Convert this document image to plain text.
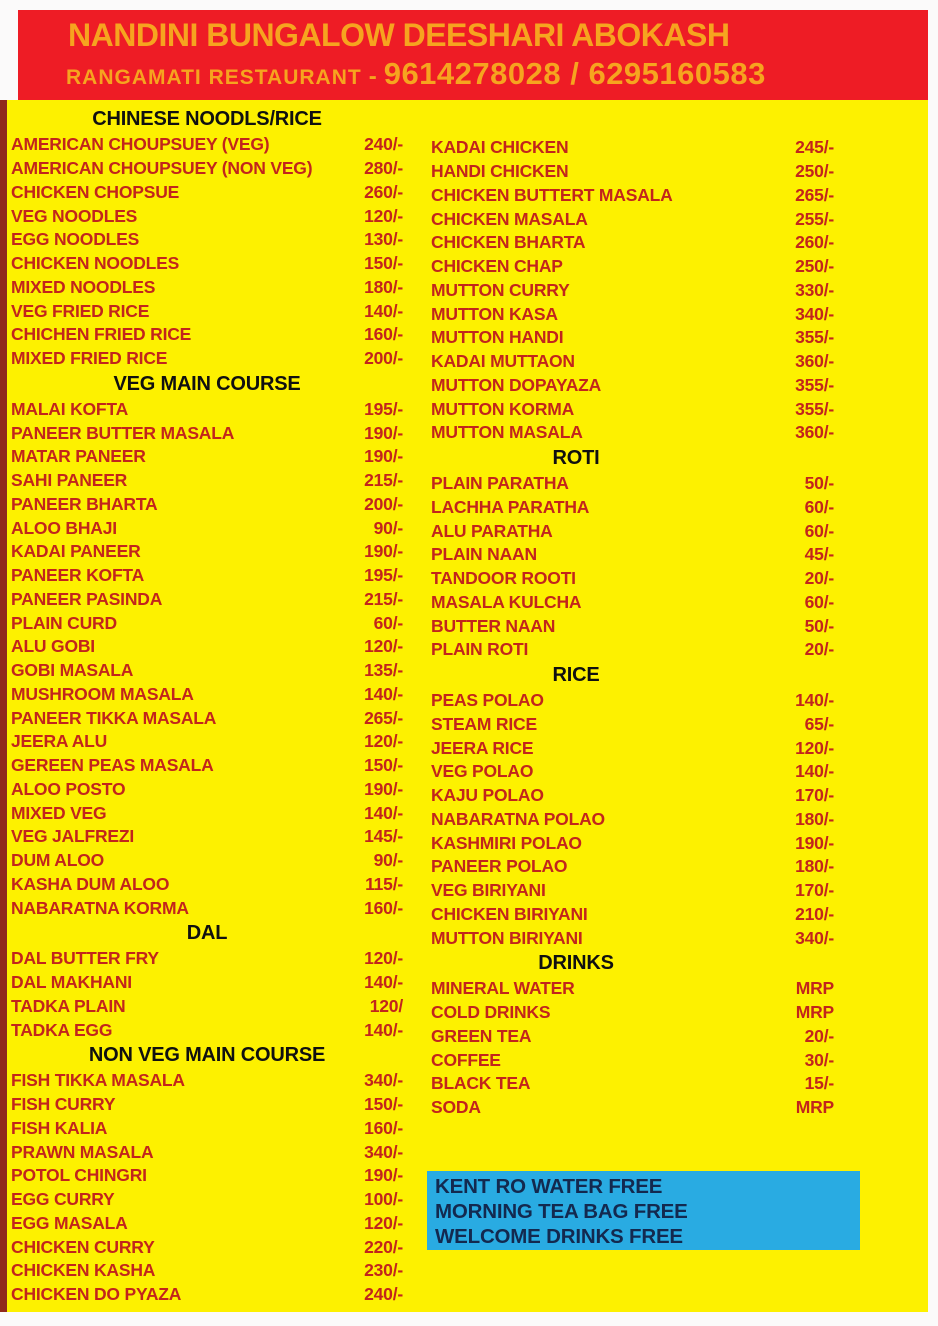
NANDINI BUNGALOW DEESHARI ABOKASH
RANGAMATI RESTAURANT - 9614278028 / 6295160583
CHINESE NOODLS/RICE
AMERICAN CHOUPSUEY (VEG)	240/-
AMERICAN CHOUPSUEY (NON VEG)	280/-
CHICKEN CHOPSUE	260/-
VEG NOODLES	120/-
EGG NOODLES	130/-
CHICKEN NOODLES	150/-
MIXED NOODLES	180/-
VEG FRIED RICE	140/-
CHICHEN FRIED RICE	160/-
MIXED FRIED RICE	200/-
VEG MAIN COURSE
MALAI KOFTA	195/-
PANEER BUTTER MASALA	190/-
MATAR PANEER	190/-
SAHI PANEER	215/-
PANEER BHARTA	200/-
ALOO BHAJI	90/-
KADAI PANEER	190/-
PANEER KOFTA	195/-
PANEER PASINDA	215/-
PLAIN CURD	60/-
ALU GOBI	120/-
GOBI MASALA	135/-
MUSHROOM MASALA	140/-
PANEER TIKKA MASALA	265/-
JEERA ALU	120/-
GEREEN PEAS MASALA	150/-
ALOO POSTO	190/-
MIXED VEG	140/-
VEG JALFREZI	145/-
DUM ALOO	90/-
KASHA DUM ALOO	115/-
NABARATNA KORMA	160/-
DAL
DAL BUTTER FRY	120/-
DAL MAKHANI	140/-
TADKA PLAIN	120/
TADKA EGG	140/-
NON VEG MAIN COURSE
FISH TIKKA MASALA	340/-
FISH CURRY	150/-
FISH KALIA	160/-
PRAWN MASALA	340/-
POTOL CHINGRI	190/-
EGG CURRY	100/-
EGG MASALA	120/-
CHICKEN CURRY	220/-
CHICKEN KASHA	230/-
CHICKEN DO PYAZA	240/-
KADAI CHICKEN	245/-
HANDI CHICKEN	250/-
CHICKEN BUTTERT MASALA	265/-
CHICKEN MASALA	255/-
CHICKEN BHARTA	260/-
CHICKEN CHAP	250/-
MUTTON CURRY	330/-
MUTTON KASA	340/-
MUTTON HANDI	355/-
KADAI MUTTAON	360/-
MUTTON DOPAYAZA	355/-
MUTTON KORMA	355/-
MUTTON MASALA	360/-
ROTI
PLAIN PARATHA	50/-
LACHHA PARATHA	60/-
ALU PARATHA	60/-
PLAIN NAAN	45/-
TANDOOR ROOTI	20/-
MASALA KULCHA	60/-
BUTTER NAAN	50/-
PLAIN ROTI	20/-
RICE
PEAS POLAO	140/-
STEAM RICE	65/-
JEERA RICE	120/-
VEG POLAO	140/-
KAJU POLAO	170/-
NABARATNA POLAO	180/-
KASHMIRI POLAO	190/-
PANEER POLAO	180/-
VEG BIRIYANI	170/-
CHICKEN BIRIYANI	210/-
MUTTON BIRIYANI	340/-
DRINKS
MINERAL WATER	MRP
COLD DRINKS	MRP
GREEN TEA	20/-
COFFEE	30/-
BLACK TEA	15/-
SODA	MRP
KENT RO WATER FREE
MORNING TEA BAG FREE
WELCOME DRINKS FREE
